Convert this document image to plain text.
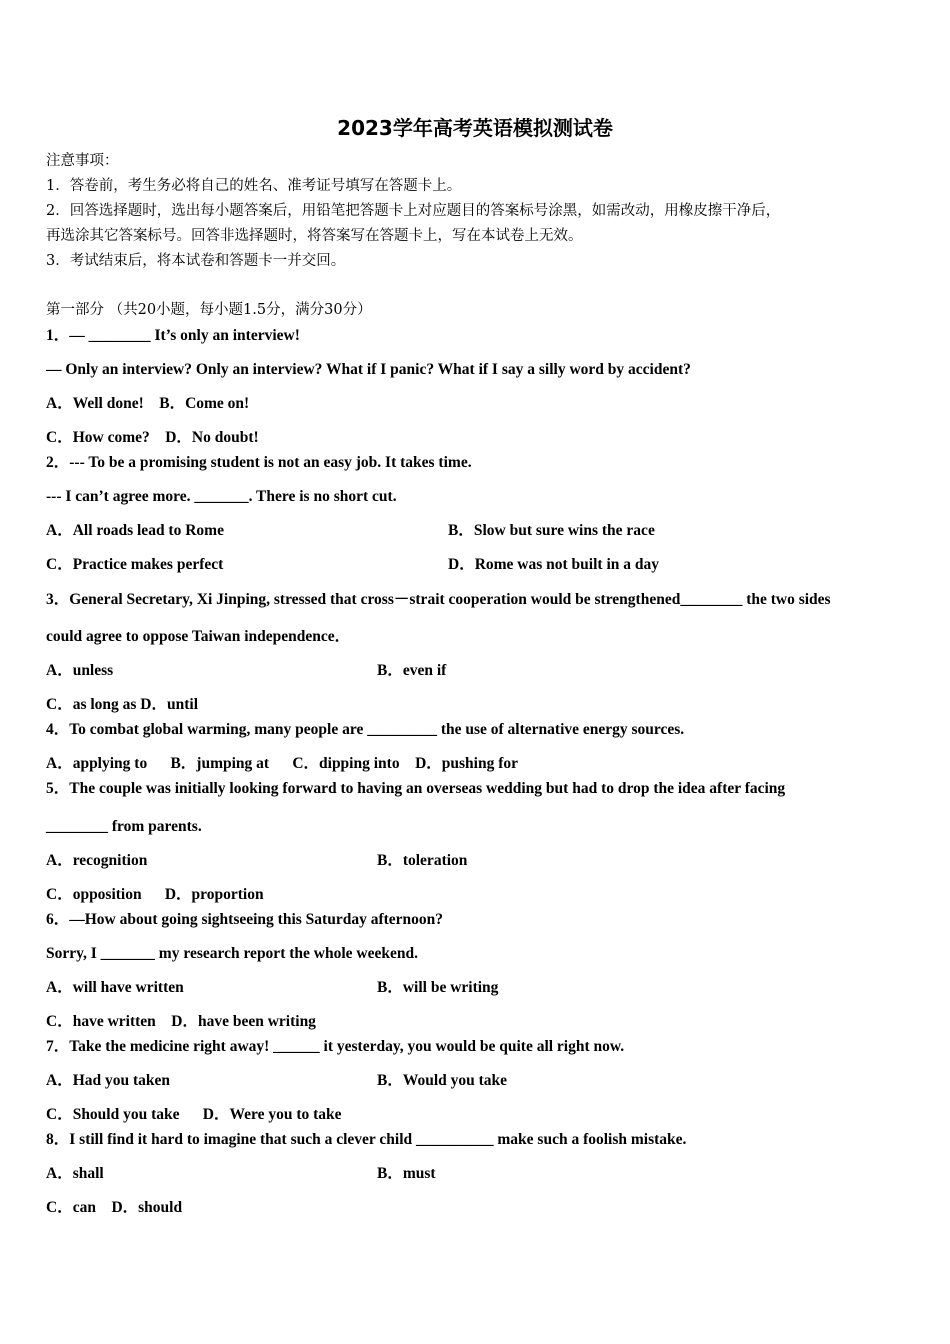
2023学年高考英语模拟测试卷
注意事项：
1．答卷前，考生务必将自己的姓名、准考证号填写在答题卡上。
2．回答选择题时，选出每小题答案后，用铅笔把答题卡上对应题目的答案标号涂黑，如需改动，用橡皮擦干净后，
再选涂其它答案标号。回答非选择题时，将答案写在答题卡上，写在本试卷上无效。
3．考试结束后，将本试卷和答题卡一并交回。
第一部分 （共20小题，每小题1.5分，满分30分）
1．— ________ It’s only an interview!
— Only an interview? Only an interview? What if I panic? What if I say a silly word by accident?
A．Well done!    B．Come on!
C．How come?    D．No doubt!
2．--- To be a promising student is not an easy job. It takes time.
--- I can’t agree more. _______. There is no short cut.
A．All roads lead to Rome	B．Slow but sure wins the race
C．Practice makes perfect	D．Rome was not built in a day
3．General Secretary, Xi Jinping, stressed that cross－strait cooperation would be strengthened________ the two sides
could agree to oppose Taiwan independence．
A．unless	B．even if
C．as long as D．until
4．To combat global warming, many people are _________ the use of alternative energy sources.
A．applying to      B．jumping at      C．dipping into    D．pushing for
5．The couple was initially looking forward to having an overseas wedding but had to drop the idea after facing
________ from parents.
A．recognition	B．toleration
C．opposition      D．proportion
6．—How about going sightseeing this Saturday afternoon?
Sorry, I _______ my research report the whole weekend.
A．will have written	B．will be writing
C．have written    D．have been writing
7．Take the medicine right away! ______ it yesterday, you would be quite all right now.
A．Had you taken	B．Would you take
C．Should you take      D．Were you to take
8．I still find it hard to imagine that such a clever child __________ make such a foolish mistake.
A．shall	B．must
C．can    D．should
